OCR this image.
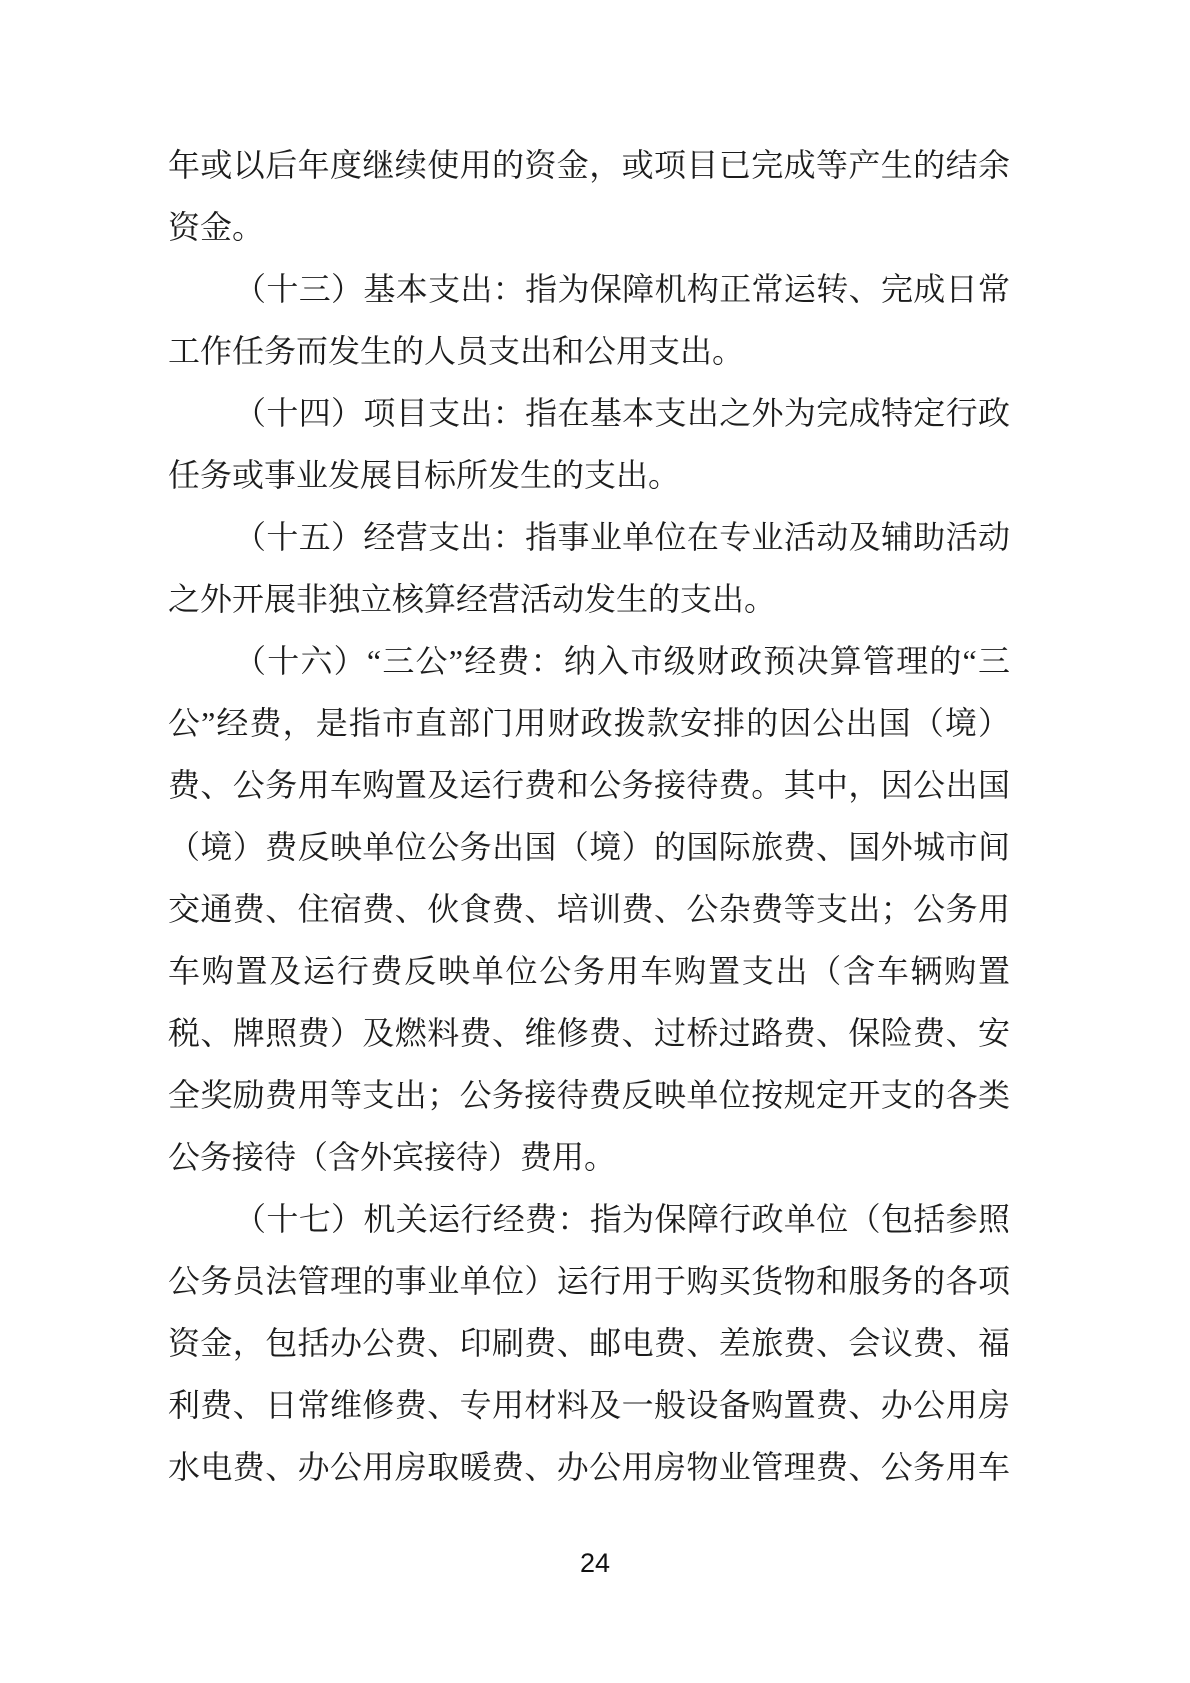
年或以后年度继续使用的资金，或项目已完成等产生的结余
资金。
（十三）基本支出：指为保障机构正常运转、完成日常
工作任务而发生的人员支出和公用支出。
（十四）项目支出：指在基本支出之外为完成特定行政
任务或事业发展目标所发生的支出。
（十五）经营支出：指事业单位在专业活动及辅助活动
之外开展非独立核算经营活动发生的支出。
（十六）“三公”经费：纳入市级财政预决算管理的“三
公”经费，是指市直部门用财政拨款安排的因公出国（境）
费、公务用车购置及运行费和公务接待费。其中，因公出国
（境）费反映单位公务出国（境）的国际旅费、国外城市间
交通费、住宿费、伙食费、培训费、公杂费等支出；公务用
车购置及运行费反映单位公务用车购置支出（含车辆购置
税、牌照费）及燃料费、维修费、过桥过路费、保险费、安
全奖励费用等支出；公务接待费反映单位按规定开支的各类
公务接待（含外宾接待）费用。
（十七）机关运行经费：指为保障行政单位（包括参照
公务员法管理的事业单位）运行用于购买货物和服务的各项
资金，包括办公费、印刷费、邮电费、差旅费、会议费、福
利费、日常维修费、专用材料及一般设备购置费、办公用房
水电费、办公用房取暖费、办公用房物业管理费、公务用车
24
